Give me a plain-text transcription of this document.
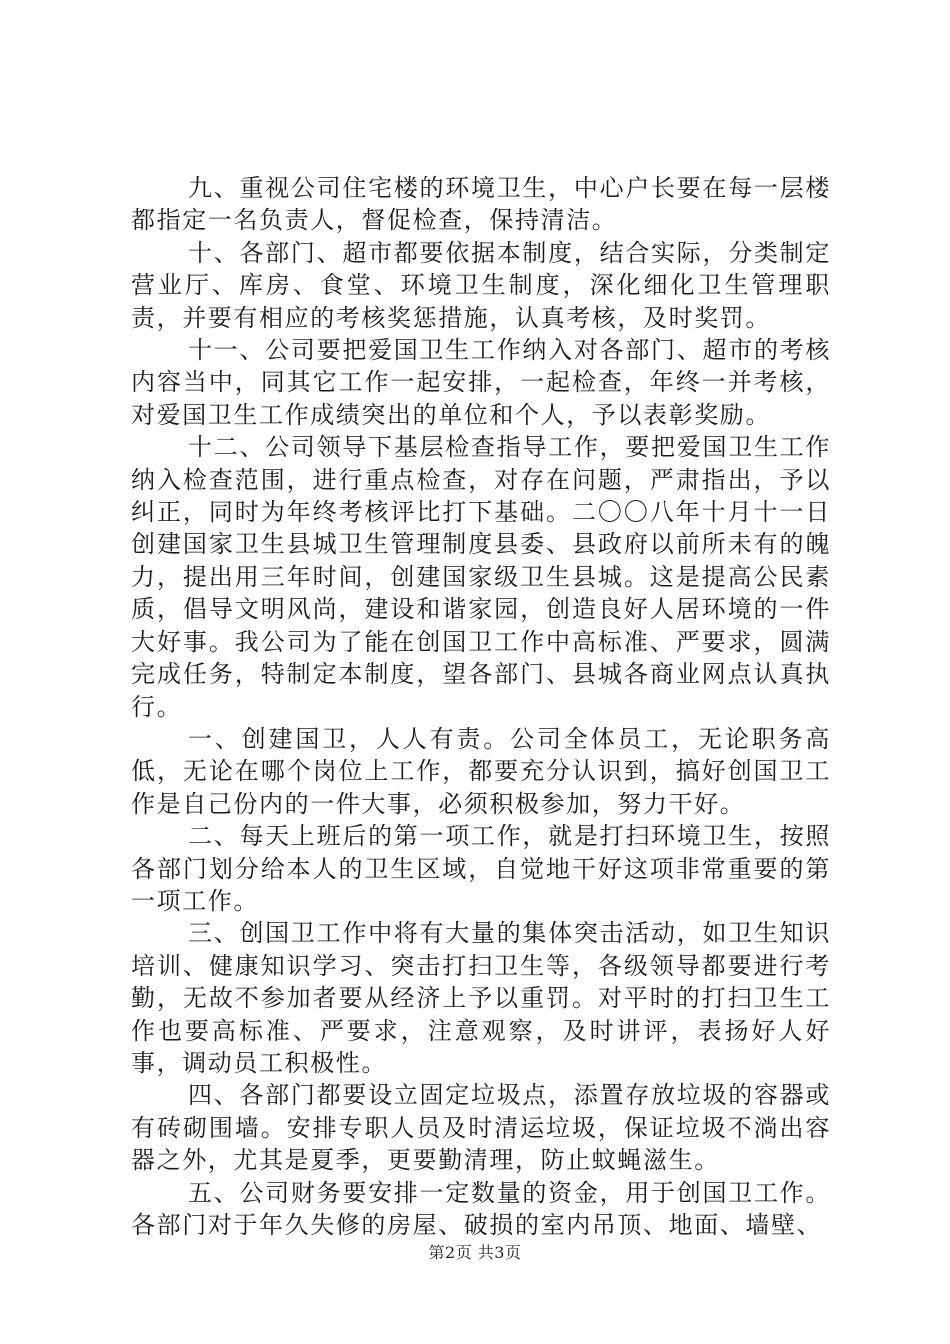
九、重视公司住宅楼的环境卫生，中心户长要在每一层楼都指定一名负责人，督促检查，保持清洁。

十、各部门、超市都要依据本制度，结合实际，分类制定营业厅、库房、食堂、环境卫生制度，深化细化卫生管理职责，并要有相应的考核奖惩措施，认真考核，及时奖罚。

十一、公司要把爱国卫生工作纳入对各部门、超市的考核内容当中，同其它工作一起安排，一起检查，年终一并考核，对爱国卫生工作成绩突出的单位和个人，予以表彰奖励。

十二、公司领导下基层检查指导工作，要把爱国卫生工作纳入检查范围，进行重点检查，对存在问题，严肃指出，予以纠正，同时为年终考核评比打下基础。二〇〇八年十月十一日创建国家卫生县城卫生管理制度县委、县政府以前所未有的魄力，提出用三年时间，创建国家级卫生县城。这是提高公民素质，倡导文明风尚，建设和谐家园，创造良好人居环境的一件大好事。我公司为了能在创国卫工作中高标准、严要求，圆满完成任务，特制定本制度，望各部门、县城各商业网点认真执行。

一、创建国卫，人人有责。公司全体员工，无论职务高低，无论在哪个岗位上工作，都要充分认识到，搞好创国卫工作是自己份内的一件大事，必须积极参加，努力干好。

二、每天上班后的第一项工作，就是打扫环境卫生，按照各部门划分给本人的卫生区域，自觉地干好这项非常重要的第一项工作。

三、创国卫工作中将有大量的集体突击活动，如卫生知识培训、健康知识学习、突击打扫卫生等，各级领导都要进行考勤，无故不参加者要从经济上予以重罚。对平时的打扫卫生工作也要高标准、严要求，注意观察，及时讲评，表扬好人好事，调动员工积极性。

四、各部门都要设立固定垃圾点，添置存放垃圾的容器或有砖砌围墙。安排专职人员及时清运垃圾，保证垃圾不淌出容器之外，尤其是夏季，更要勤清理，防止蚊蝇滋生。

五、公司财务要安排一定数量的资金，用于创国卫工作。各部门对于年久失修的房屋、破损的室内吊顶、地面、墙壁、

第2页 共3页
